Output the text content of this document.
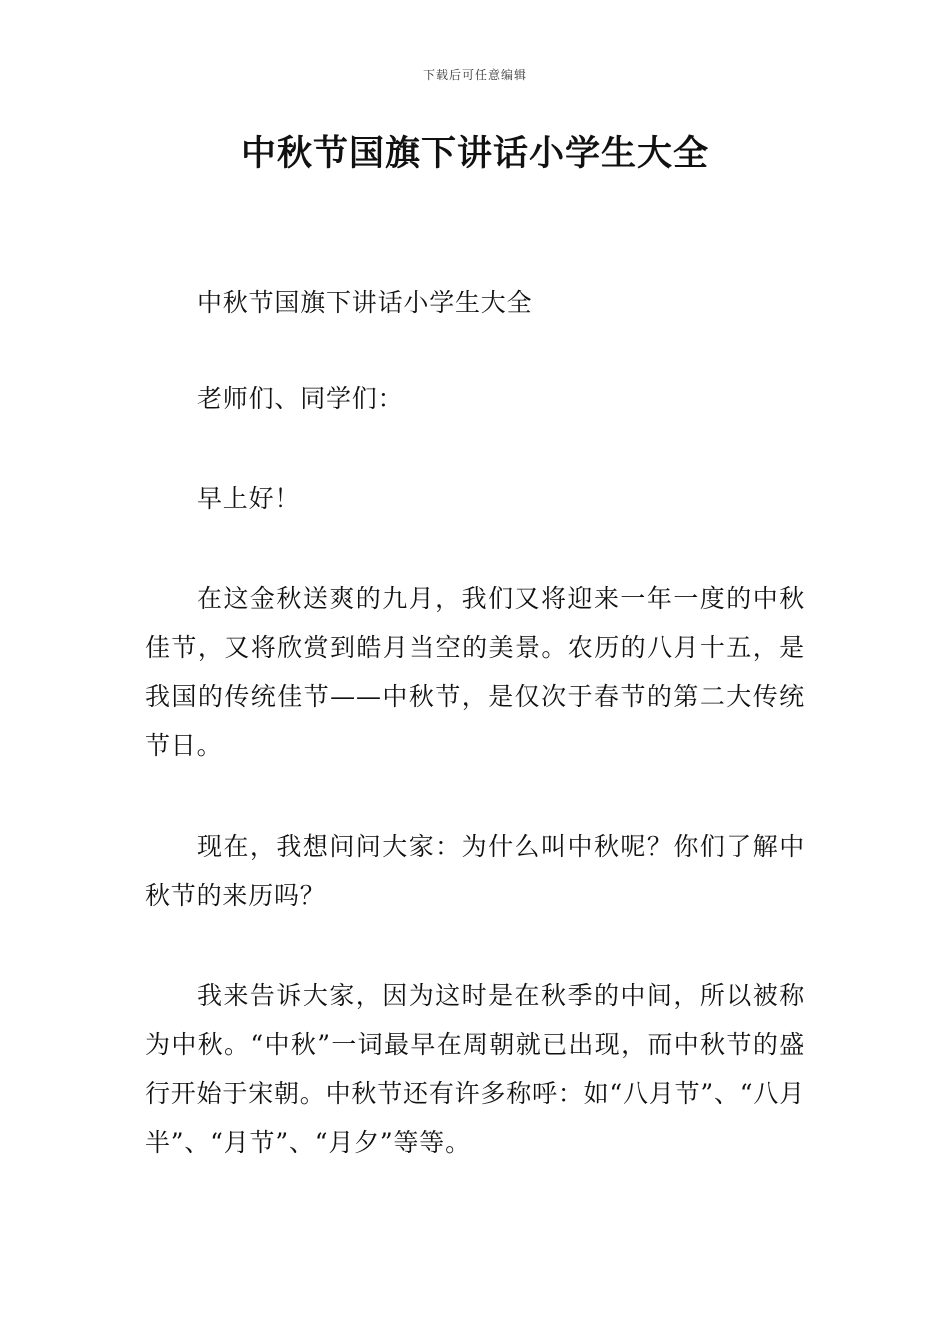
下载后可任意编辑
中秋节国旗下讲话小学生大全

中秋节国旗下讲话小学生大全

老师们、同学们：

早上好！

在这金秋送爽的九月，我们又将迎来一年一度的中秋佳节，又将欣赏到皓月当空的美景。农历的八月十五，是我国的传统佳节——中秋节，是仅次于春节的第二大传统节日。

现在，我想问问大家：为什么叫中秋呢？你们了解中秋节的来历吗？

我来告诉大家，因为这时是在秋季的中间，所以被称为中秋。“中秋”一词最早在周朝就已出现，而中秋节的盛行开始于宋朝。中秋节还有许多称呼：如“八月节”、“八月半”、“月节”、“月夕”等等。
